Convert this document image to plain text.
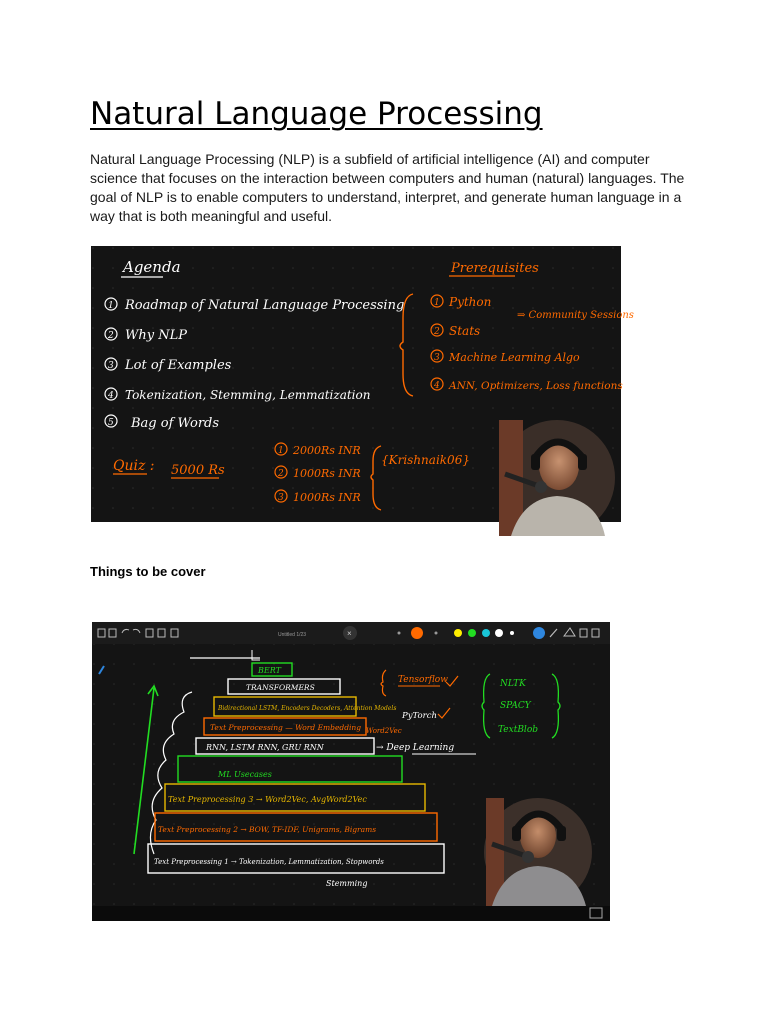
Natural Language Processing

Natural Language Processing (NLP) is a subfield of artificial intelligence (AI) and computer science that focuses on the interaction between computers and human (natural) languages. The goal of NLP is to enable computers to understand, interpret, and generate human language in a way that is both meaningful and useful.

Agenda
1 Roadmap of Natural Language Processing
2 Why NLP
3 Lot of Examples
4 Tokenization, Stemming, Lemmatization
5 Bag of Words
Quiz : 5000 Rs
1 2000Rs INR
2 1000Rs INR
3 1000Rs INR
{Krishnaik06}
Prerequisites
1 Python
2 Stats
3 Machine Learning Algo
4 ANN, Optimizers, Loss functions
⇒ Community Sessions
Things to be cover
Untitled 1/23	×
BERT
TRANSFORMERS
Bidirectional LSTM, Encoders Decoders, Attention Models
Text Preprocessing — Word Embedding
RNN, LSTM RNN, GRU RNN
ML Usecases
Text Preprocessing 3 → Word2Vec, AvgWord2Vec
Text Preprocessing 2 → BOW, TF-IDF, Unigrams, Bigrams
Text Preprocessing 1 → Tokenization, Lemmatization, Stopwords
Stemming
Word2Vec
→ Deep Learning
Tensorflow
PyTorch
NLTK
SPACY
TextBlob
